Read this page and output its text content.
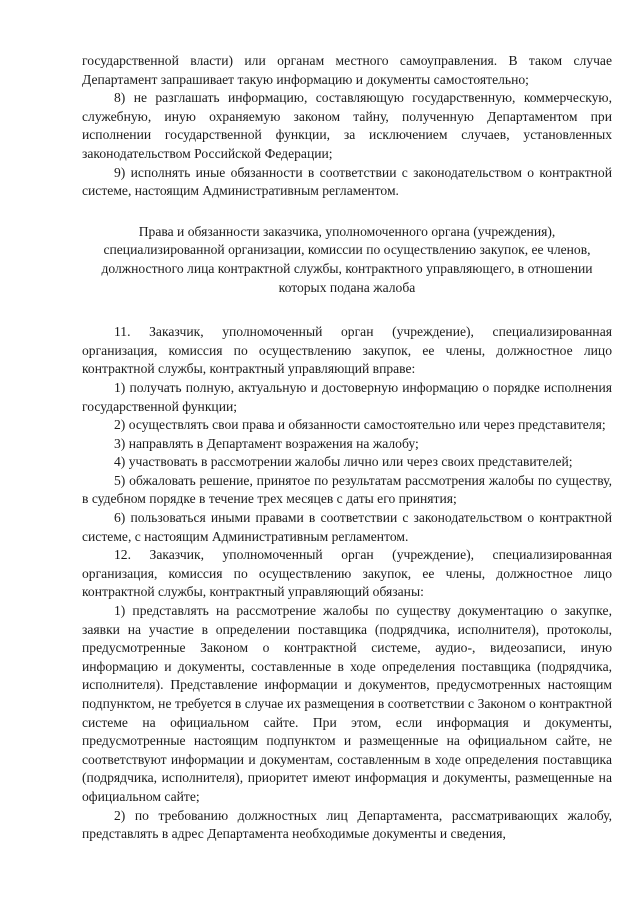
государственной власти) или органам местного самоуправления. В таком случае Департамент запрашивает такую информацию и документы самостоятельно;

8) не разглашать информацию, составляющую государственную, коммерческую, служебную, иную охраняемую законом тайну, полученную Департаментом при исполнении государственной функции, за исключением случаев, установленных законодательством Российской Федерации;

9) исполнять иные обязанности в соответствии с законодательством о контрактной системе, настоящим Административным регламентом.

Права и обязанности заказчика, уполномоченного органа (учреждения), специализированной организации, комиссии по осуществлению закупок, ее членов, должностного лица контрактной службы, контрактного управляющего, в отношении которых подана жалоба

11. Заказчик, уполномоченный орган (учреждение), специализированная организация, комиссия по осуществлению закупок, ее члены, должностное лицо контрактной службы, контрактный управляющий вправе:

1) получать полную, актуальную и достоверную информацию о порядке исполнения государственной функции;

2) осуществлять свои права и обязанности самостоятельно или через представителя;

3) направлять в Департамент возражения на жалобу;

4) участвовать в рассмотрении жалобы лично или через своих представителей;

5) обжаловать решение, принятое по результатам рассмотрения жалобы по существу, в судебном порядке в течение трех месяцев с даты его принятия;

6) пользоваться иными правами в соответствии с законодательством о контрактной системе, с настоящим Административным регламентом.

12. Заказчик, уполномоченный орган (учреждение), специализированная организация, комиссия по осуществлению закупок, ее члены, должностное лицо контрактной службы, контрактный управляющий обязаны:

1) представлять на рассмотрение жалобы по существу документацию о закупке, заявки на участие в определении поставщика (подрядчика, исполнителя), протоколы, предусмотренные Законом о контрактной системе, аудио-, видеозаписи, иную информацию и документы, составленные в ходе определения поставщика (подрядчика, исполнителя). Представление информации и документов, предусмотренных настоящим подпунктом, не требуется в случае их размещения в соответствии с Законом о контрактной системе на официальном сайте. При этом, если информация и документы, предусмотренные настоящим подпунктом и размещенные на официальном сайте, не соответствуют информации и документам, составленным в ходе определения поставщика (подрядчика, исполнителя), приоритет имеют информация и документы, размещенные на официальном сайте;

2) по требованию должностных лиц Департамента, рассматривающих жалобу, представлять в адрес Департамента необходимые документы и сведения,
